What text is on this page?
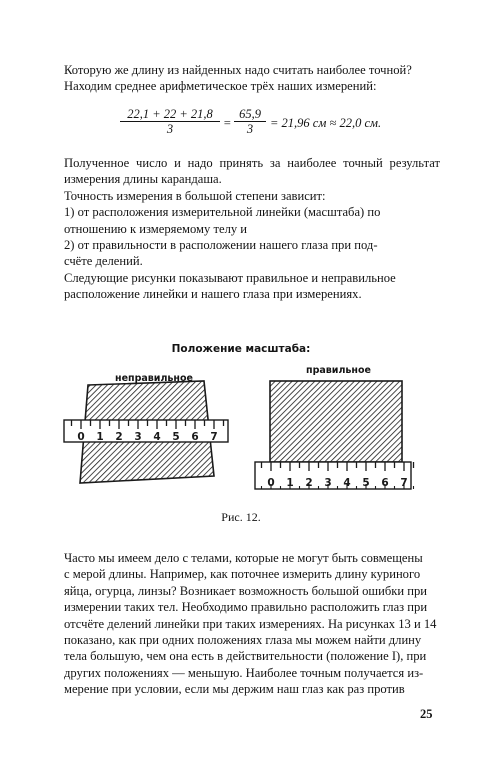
Которую же длину из найденных надо считать наиболее точной?
Находим среднее арифметическое трёх наших измерений:
$\frac{22,1 + 22 + 21,8}{3} = \frac{65,9}{3} = 21,96$ см ≈ 22,0 см.
Полученное число и надо принять за наиболее точный результат
измерения длины карандаша.
Точность измерения в большой степени зависит:
1) от расположения измерительной линейки (масштаба) по
отношению к измеряемому телу и
2) от правильности в расположении нашего глаза при под-
счёте делений.
Следующие рисунки показывают правильное и неправильное
расположение линейки и нашего глаза при измерениях.
Положение масштаба:
0 1 2 3 4 5 6 7
0 1 2 3 4 5 6 7
неправильное
правильное
Рис. 12.
Часто мы имеем дело с телами, которые не могут быть совмещены
с мерой длины. Например, как поточнее измерить длину куриного
яйца, огурца, линзы? Возникает возможность большой ошибки при
измерении таких тел. Необходимо правильно расположить глаз при
отсчёте делений линейки при таких измерениях. На рисунках 13 и 14
показано, как при одних положениях глаза мы можем найти длину
тела большую, чем она есть в действительности (положение I), при
других положениях — меньшую. Наиболее точным получается из-
мерение при условии, если мы держим наш глаз как раз против
25
